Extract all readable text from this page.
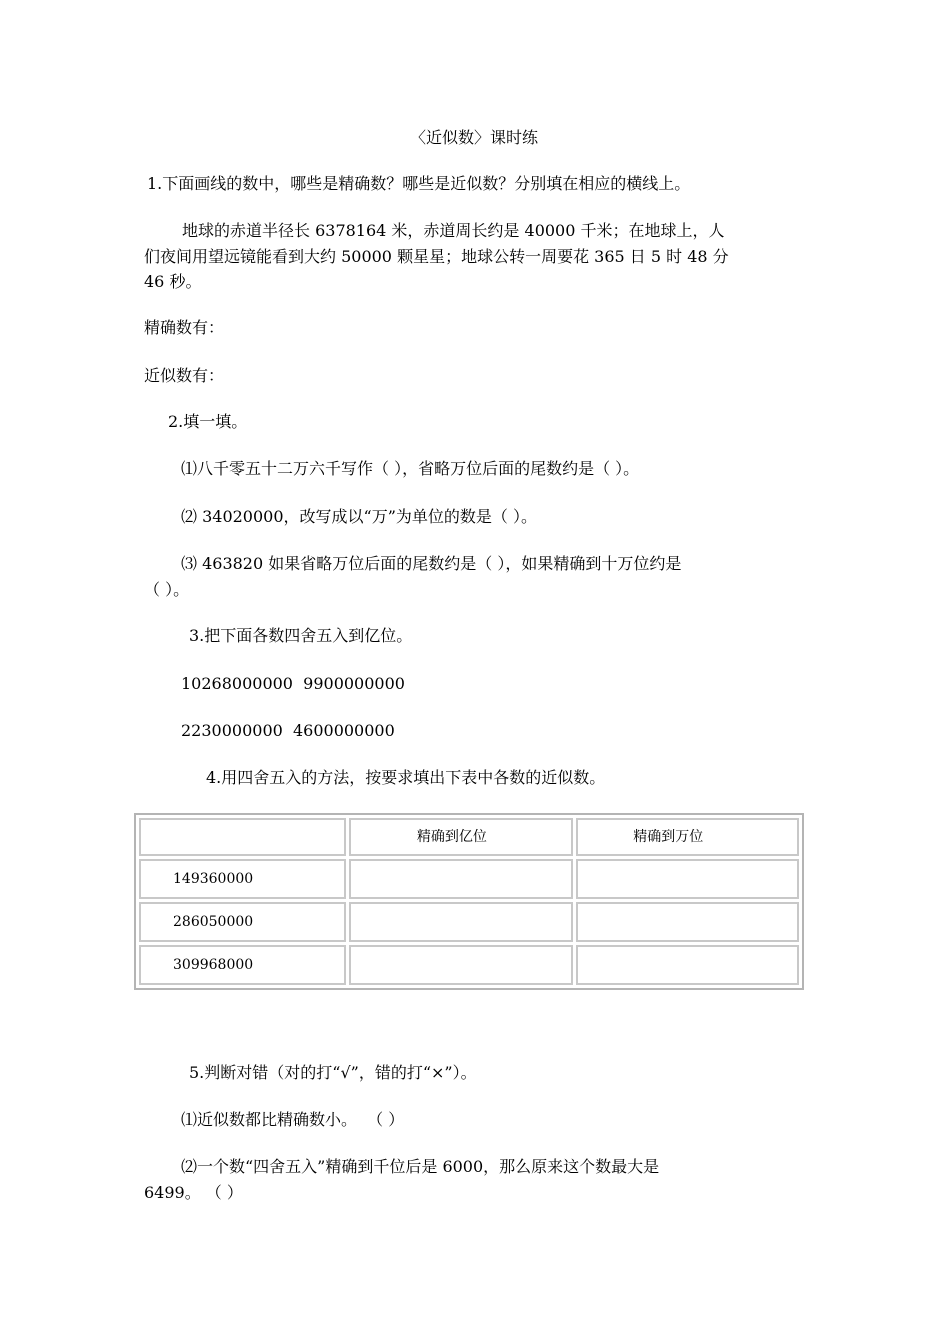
〈近似数〉课时练
1.下面画线的数中，哪些是精确数？哪些是近似数？分别填在相应的横线上。
地球的赤道半径长 6378164 米，赤道周长约是 40000 千米；在地球上，人
们夜间用望远镜能看到大约 50000 颗星星；地球公转一周要花 365 日 5 时 48 分
46 秒。
精确数有：
近似数有：
2.填一填。
⑴八千零五十二万六千写作（ ），省略万位后面的尾数约是（ ）。
⑵ 34020000，改写成以“万”为单位的数是（ ）。
⑶ 463820 如果省略万位后面的尾数约是（ ），如果精确到十万位约是
（ ）。
3.把下面各数四舍五入到亿位。
10268000000  9900000000
2230000000  4600000000
4.用四舍五入的方法，按要求填出下表中各数的近似数。

	精确到亿位	精确到万位

149360000		

286050000		

309968000		

5.判断对错（对的打“√”，错的打“×”）。
⑴近似数都比精确数小。  （ ）
⑵一个数“四舍五入”精确到千位后是 6000，那么原来这个数最大是
6499。 （ ）
